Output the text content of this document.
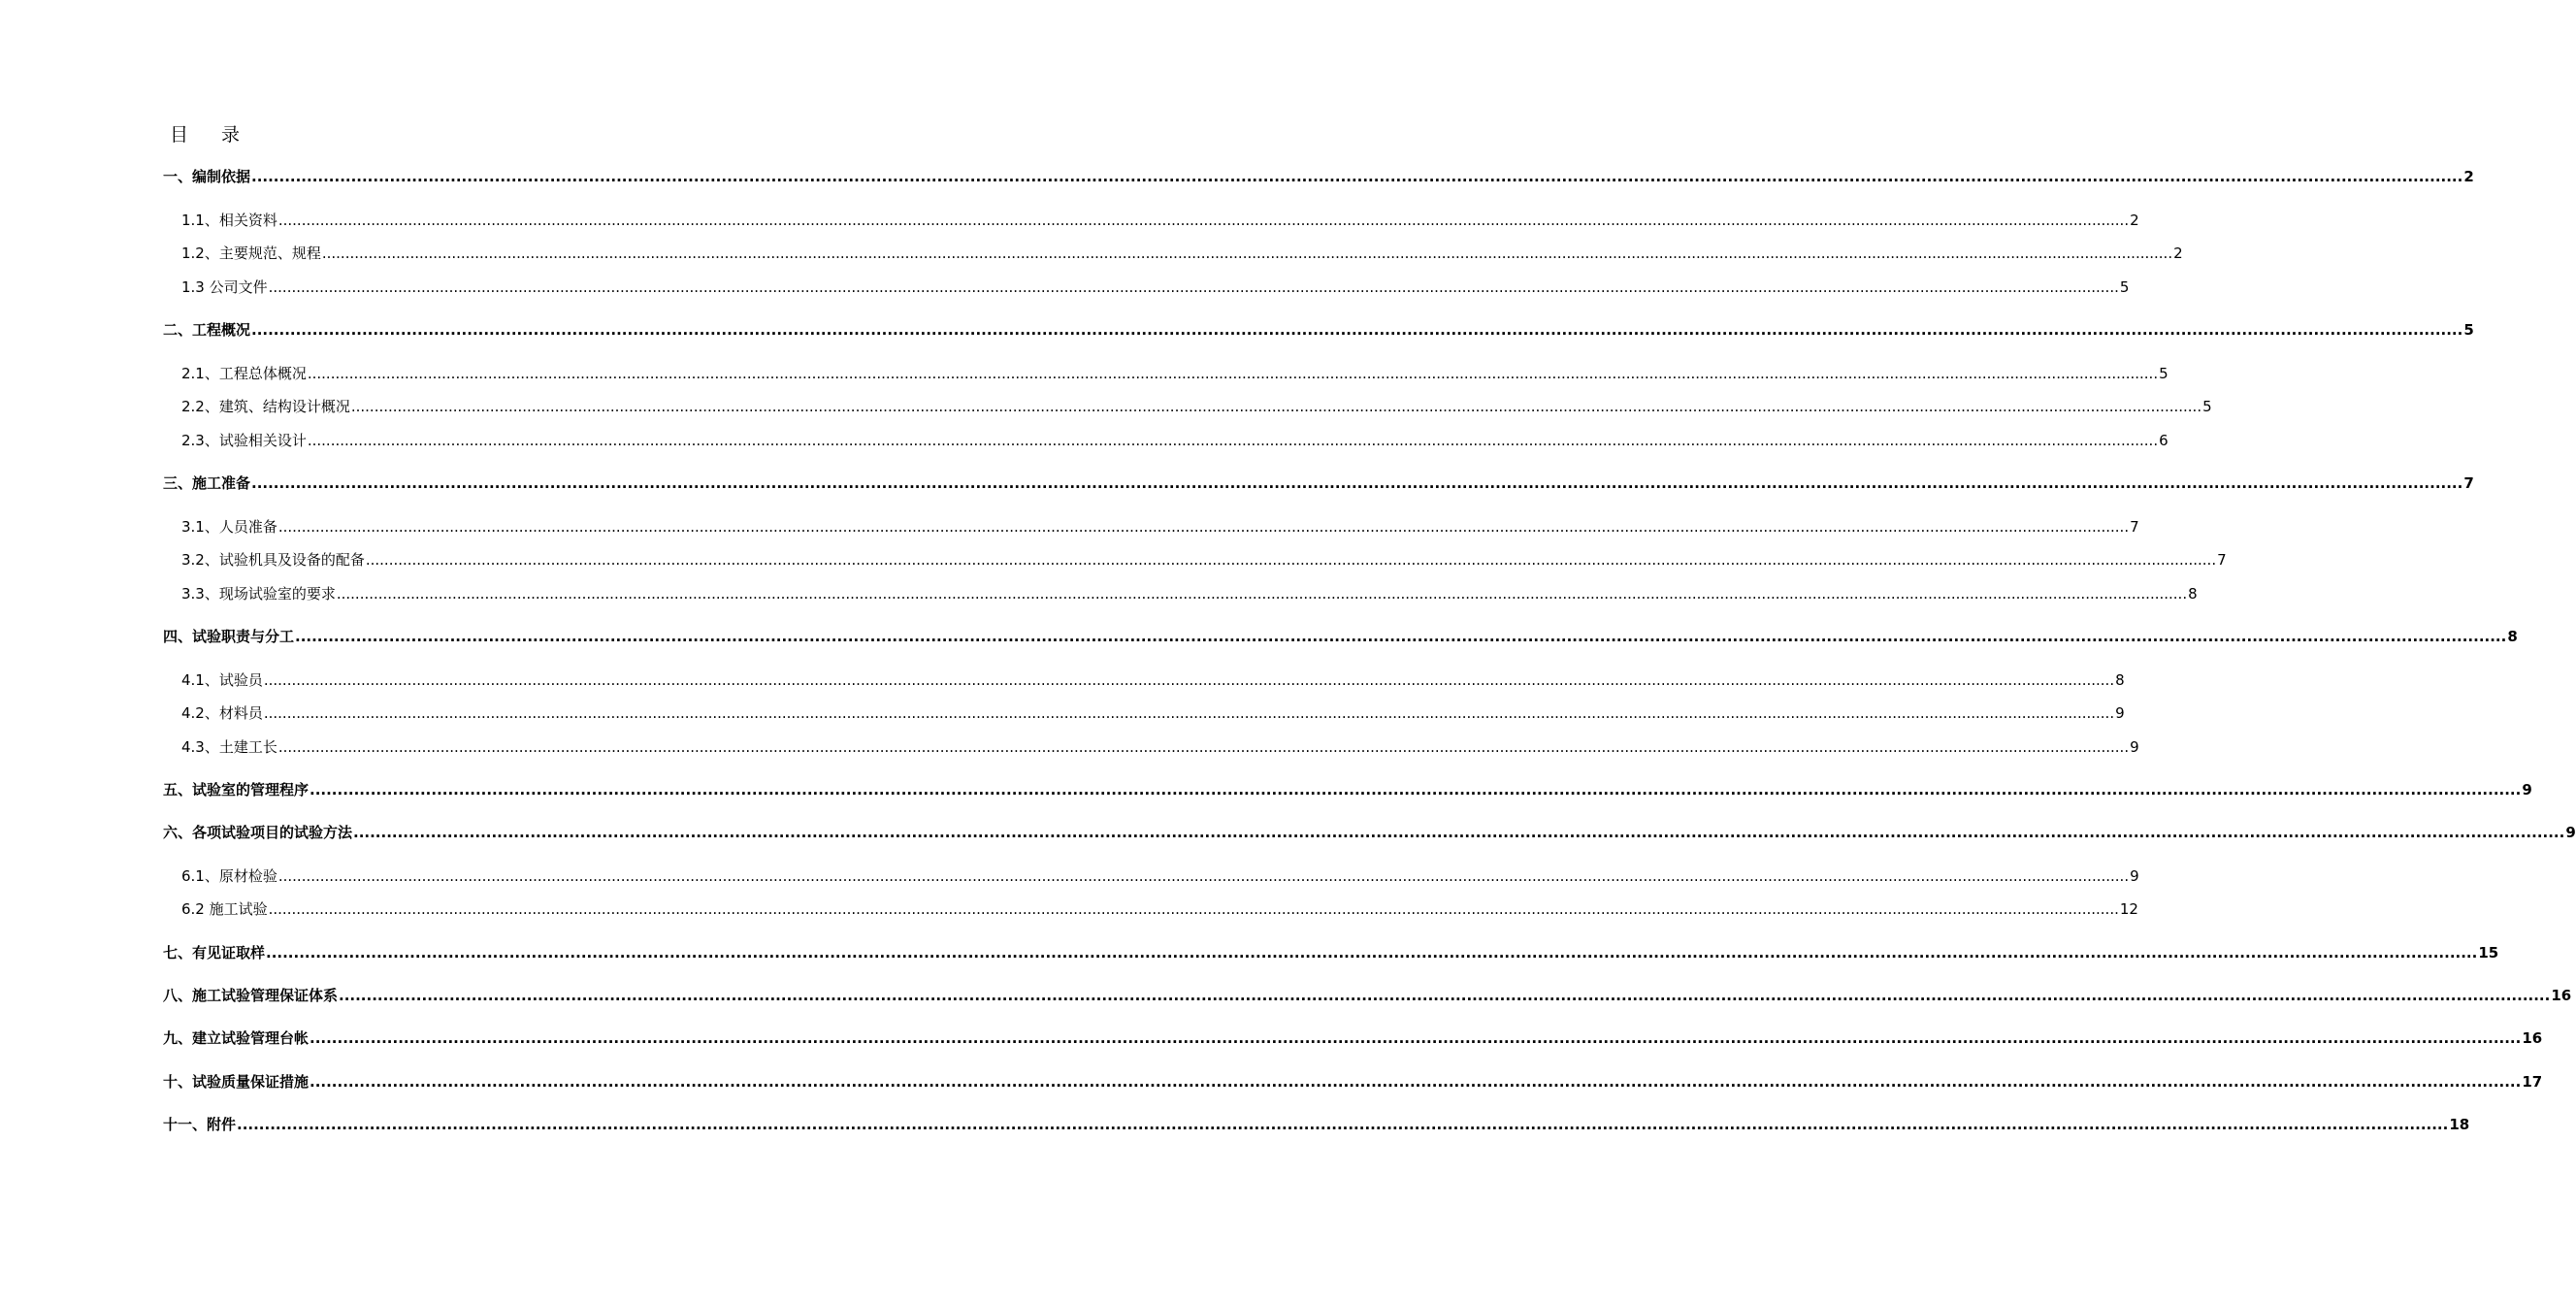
目 录
一、编制依据 ................................................................................................................................................................................................................................................................................................................................................................................................................ 2
1.1、相关资料 ................................................................................................................................................................................................................................................................................................................................................................................................................ 2
1.2、主要规范、规程 ................................................................................................................................................................................................................................................................................................................................................................................................................ 2
1.3 公司文件 ................................................................................................................................................................................................................................................................................................................................................................................................................ 5
二、工程概况 ................................................................................................................................................................................................................................................................................................................................................................................................................ 5
2.1、工程总体概况 ................................................................................................................................................................................................................................................................................................................................................................................................................ 5
2.2、建筑、结构设计概况 ................................................................................................................................................................................................................................................................................................................................................................................................................ 5
2.3、试验相关设计 ................................................................................................................................................................................................................................................................................................................................................................................................................ 6
三、施工准备 ................................................................................................................................................................................................................................................................................................................................................................................................................ 7
3.1、人员准备 ................................................................................................................................................................................................................................................................................................................................................................................................................ 7
3.2、试验机具及设备的配备 ................................................................................................................................................................................................................................................................................................................................................................................................................ 7
3.3、现场试验室的要求 ................................................................................................................................................................................................................................................................................................................................................................................................................ 8
四、试验职责与分工 ................................................................................................................................................................................................................................................................................................................................................................................................................ 8
4.1、试验员 ................................................................................................................................................................................................................................................................................................................................................................................................................ 8
4.2、材料员 ................................................................................................................................................................................................................................................................................................................................................................................................................ 9
4.3、土建工长 ................................................................................................................................................................................................................................................................................................................................................................................................................ 9
五、试验室的管理程序 ................................................................................................................................................................................................................................................................................................................................................................................................................ 9
六、各项试验项目的试验方法 ................................................................................................................................................................................................................................................................................................................................................................................................................ 9
6.1、原材检验 ................................................................................................................................................................................................................................................................................................................................................................................................................ 9
6.2 施工试验 ................................................................................................................................................................................................................................................................................................................................................................................................................ 12
七、有见证取样 ................................................................................................................................................................................................................................................................................................................................................................................................................ 15
八、施工试验管理保证体系 ................................................................................................................................................................................................................................................................................................................................................................................................................ 16
九、建立试验管理台帐 ................................................................................................................................................................................................................................................................................................................................................................................................................ 16
十、试验质量保证措施 ................................................................................................................................................................................................................................................................................................................................................................................................................ 17
十一、附件 ................................................................................................................................................................................................................................................................................................................................................................................................................ 18
